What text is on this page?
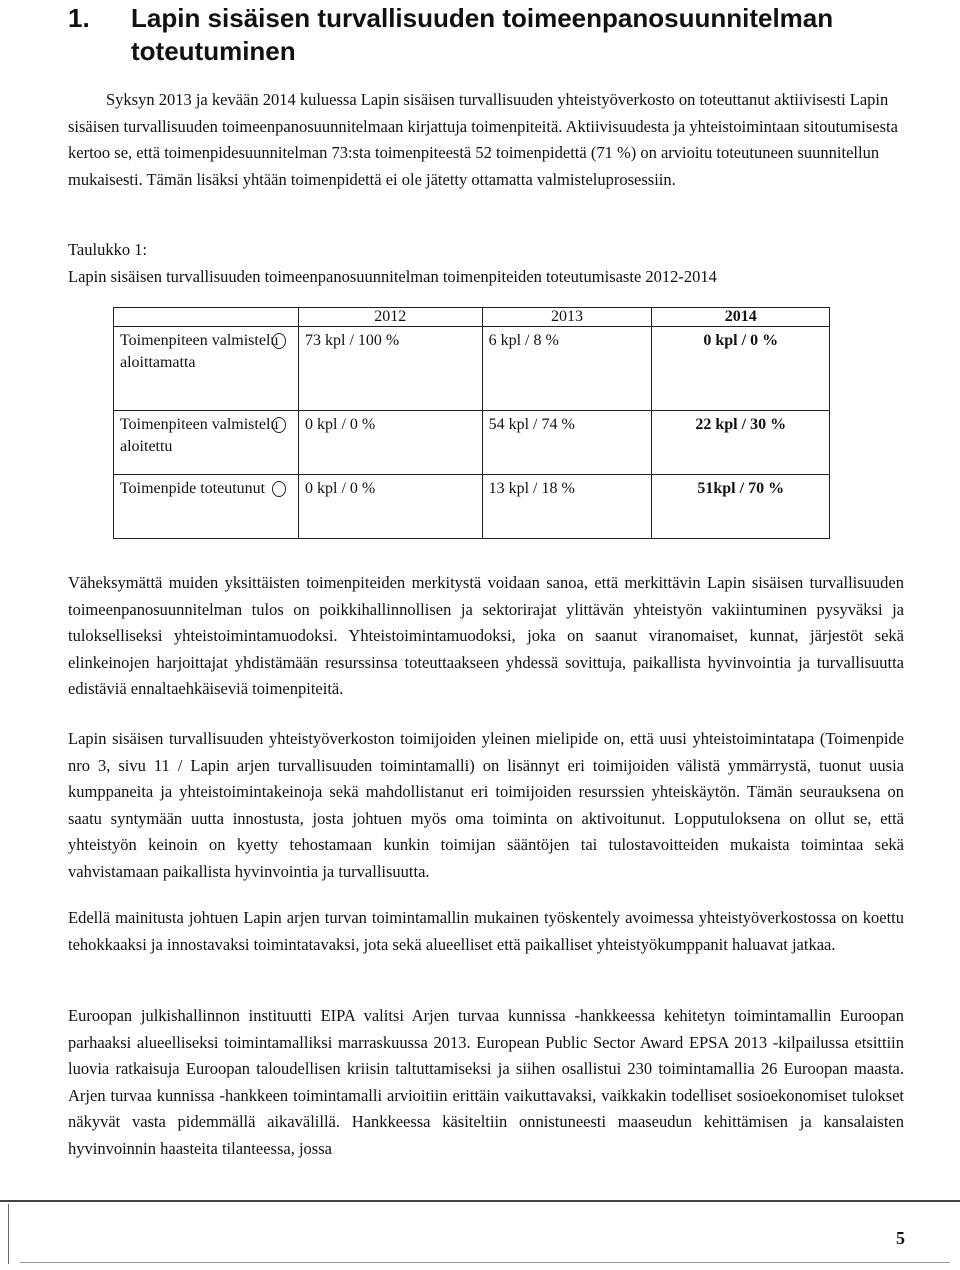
1. Lapin sisäisen turvallisuuden toimeenpanosuunnitelman toteutuminen
Syksyn 2013 ja kevään 2014 kuluessa Lapin sisäisen turvallisuuden yhteistyöverkosto on toteuttanut aktiivisesti Lapin sisäisen turvallisuuden toimeenpanosuunnitelmaan kirjattuja toimenpiteitä. Aktiivisuudesta ja yhteistoimintaan sitoutumisesta kertoo se, että toimenpidesuunnitelman 73:sta toimenpiteestä 52 toimenpidettä (71 %) on arvioitu toteutuneen suunnitellun mukaisesti. Tämän lisäksi yhtään toimenpidettä ei ole jätetty ottamatta valmisteluprosessiin.
Taulukko 1:
Lapin sisäisen turvallisuuden toimeenpanosuunnitelman toimenpiteiden toteutumisaste 2012-2014
	2012	2013	2014
Toimenpiteen valmistelu aloittamatta	73 kpl / 100 %	6 kpl / 8 %	0 kpl / 0 %
Toimenpiteen valmistelu aloitettu	0 kpl / 0 %	54 kpl / 74 %	22 kpl / 30 %
Toimenpide toteutunut	0 kpl / 0 %	13 kpl / 18 %	51kpl / 70 %
Väheksymättä muiden yksittäisten toimenpiteiden merkitystä voidaan sanoa, että merkittävin Lapin sisäisen turvallisuuden toimeenpanosuunnitelman tulos on poikkihallinnollisen ja sektorirajat ylittävän yhteistyön vakiintuminen pysyväksi ja tulokselliseksi yhteistoimintamuodoksi. Yhteistoimintamuodoksi, joka on saanut viranomaiset, kunnat, järjestöt sekä elinkeinojen harjoittajat yhdistämään resurssinsa toteuttaakseen yhdessä sovittuja, paikallista hyvinvointia ja turvallisuutta edistäviä ennaltaehkäiseviä toimenpiteitä.
Lapin sisäisen turvallisuuden yhteistyöverkoston toimijoiden yleinen mielipide on, että uusi yhteistoimintatapa (Toimenpide nro 3, sivu 11 / Lapin arjen turvallisuuden toimintamalli) on lisännyt eri toimijoiden välistä ymmärrystä, tuonut uusia kumppaneita ja yhteistoimintakeinoja sekä mahdollistanut eri toimijoiden resurssien yhteiskäytön. Tämän seurauksena on saatu syntymään uutta innostusta, josta johtuen myös oma toiminta on aktivoitunut. Lopputuloksena on ollut se, että yhteistyön keinoin on kyetty tehostamaan kunkin toimijan sääntöjen tai tulostavoitteiden mukaista toimintaa sekä vahvistamaan paikallista hyvinvointia ja turvallisuutta.
Edellä mainitusta johtuen Lapin arjen turvan toimintamallin mukainen työskentely avoimessa yhteistyöverkostossa on koettu tehokkaaksi ja innostavaksi toimintatavaksi, jota sekä alueelliset että paikalliset yhteistyökumppanit haluavat jatkaa.
Euroopan julkishallinnon instituutti EIPA valitsi Arjen turvaa kunnissa -hankkeessa kehitetyn toimintamallin Euroopan parhaaksi alueelliseksi toimintamalliksi marraskuussa 2013. European Public Sector Award EPSA 2013 -kilpailussa etsittiin luovia ratkaisuja Euroopan taloudellisen kriisin taltuttamiseksi ja siihen osallistui 230 toimintamallia 26 Euroopan maasta. Arjen turvaa kunnissa -hankkeen toimintamalli arvioitiin erittäin vaikuttavaksi, vaikkakin todelliset sosioekonomiset tulokset näkyvät vasta pidemmällä aikavälillä. Hankkeessa käsiteltiin onnistuneesti maaseudun kehittämisen ja kansalaisten hyvinvoinnin haasteita tilanteessa, jossa
5
